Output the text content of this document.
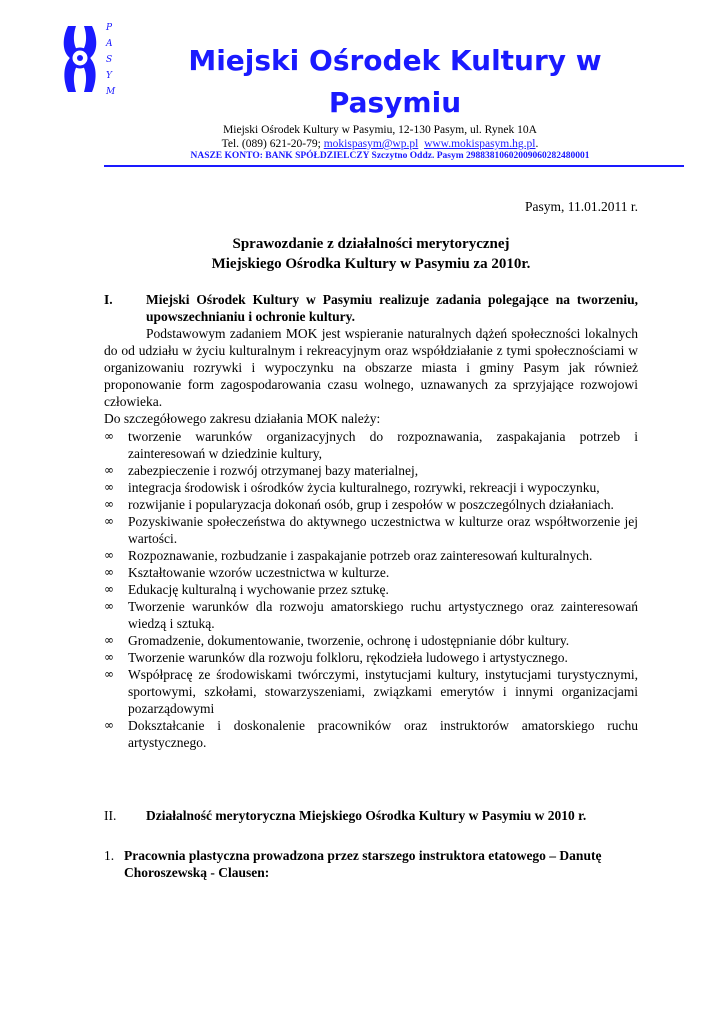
PASYM
Miejski Ośrodek Kultury w
Pasymiu
Miejski Ośrodek Kultury w Pasymiu, 12-130 Pasym, ul. Rynek 10A
Tel. (089) 621-20-79; mokispasym@wp.pl www.mokispasym.hg.pl.
NASZE KONTO: BANK SPÓŁDZIELCZY Szczytno Oddz. Pasym 29883810602009060282480001
Pasym, 11.01.2011 r.
Sprawozdanie z działalności merytorycznej
Miejskiego Ośrodka Kultury w Pasymiu za 2010r.
I.	Miejski Ośrodek Kultury w Pasymiu realizuje zadania polegające na tworzeniu, upowszechnianiu i ochronie kultury.
Podstawowym zadaniem MOK jest wspieranie naturalnych dążeń społeczności lokalnych do od udziału w życiu kulturalnym i rekreacyjnym oraz współdziałanie z tymi społecznościami w organizowaniu rozrywki i wypoczynku na obszarze miasta i gminy Pasym jak również proponowanie form zagospodarowania czasu wolnego, uznawanych za sprzyjające rozwojowi człowieka.
Do szczegółowego zakresu działania MOK należy:
∞ tworzenie warunków organizacyjnych do rozpoznawania, zaspakajania potrzeb i zainteresowań w dziedzinie kultury,
∞ zabezpieczenie i rozwój otrzymanej bazy materialnej,
∞ integracja środowisk i ośrodków życia kulturalnego, rozrywki, rekreacji i wypoczynku,
∞ rozwijanie i popularyzacja dokonań osób, grup i zespołów w poszczególnych działaniach.
∞ Pozyskiwanie społeczeństwa do aktywnego uczestnictwa w kulturze oraz współtworzenie jej wartości.
∞ Rozpoznawanie, rozbudzanie i zaspakajanie potrzeb oraz zainteresowań kulturalnych.
∞ Kształtowanie wzorów uczestnictwa w kulturze.
∞ Edukację kulturalną i wychowanie przez sztukę.
∞ Tworzenie warunków dla rozwoju amatorskiego ruchu artystycznego oraz zainteresowań wiedzą i sztuką.
∞ Gromadzenie, dokumentowanie, tworzenie, ochronę i udostępnianie dóbr kultury.
∞ Tworzenie warunków dla rozwoju folkloru, rękodzieła ludowego i artystycznego.
∞ Współpracę ze środowiskami twórczymi, instytucjami kultury, instytucjami turystycznymi, sportowymi, szkołami, stowarzyszeniami, związkami emerytów i innymi organizacjami pozarządowymi
∞ Dokształcanie i doskonalenie pracowników oraz instruktorów amatorskiego ruchu artystycznego.
II. Działalność merytoryczna Miejskiego Ośrodka Kultury w Pasymiu w 2010 r.
1. Pracownia plastyczna prowadzona przez starszego instruktora etatowego – Danutę Choroszewską - Clausen:
